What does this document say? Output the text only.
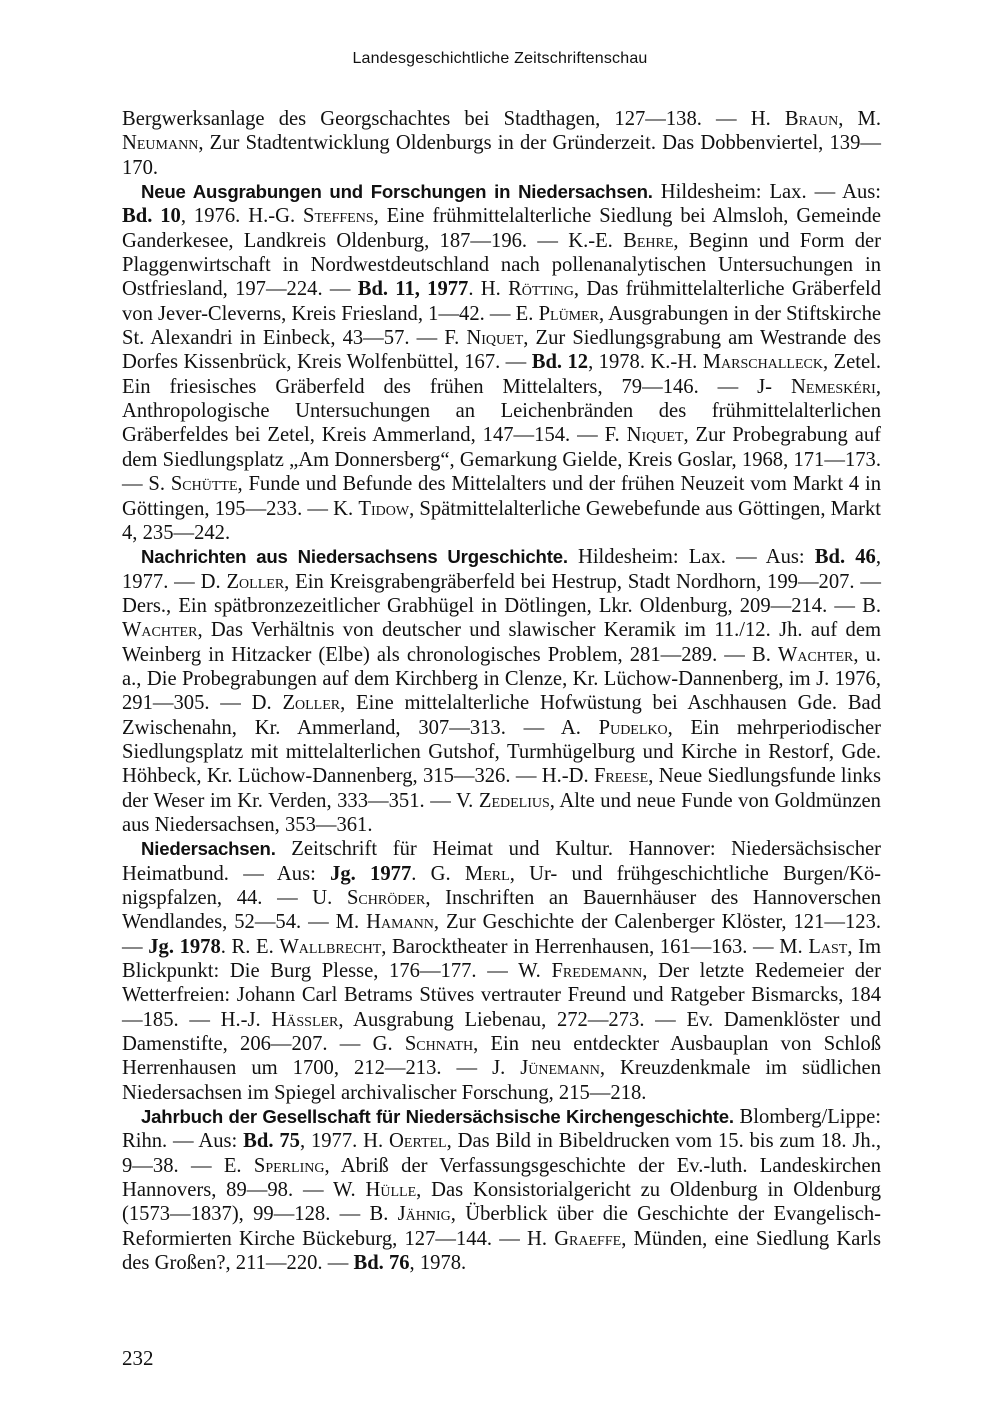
Landesgeschichtliche Zeitschriftenschau

Bergwerksanlage des Georgschachtes bei Stadthagen, 127—138. — H. Braun, M. Neumann, Zur Stadtentwicklung Oldenburgs in der Gründerzeit. Das Dobbenviertel, 139—170.

Neue Ausgrabungen und Forschungen in Niedersachsen. Hildesheim: Lax. — Aus: Bd. 10, 1976. H.-G. Steffens, Eine frühmittelalterliche Siedlung bei Almsloh, Gemeinde Ganderkesee, Landkreis Oldenburg, 187—196. — K.-E. Behre, Beginn und Form der Plaggenwirtschaft in Nordwestdeutschland nach pollenanalytischen Untersuchungen in Ostfriesland, 197—224. — Bd. 11, 1977. H. Rötting, Das frühmittelalterliche Gräberfeld von Jever-Cleverns, Kreis Friesland, 1—42. — E. Plümer, Ausgrabungen in der Stiftskirche St. Alexandri in Einbeck, 43—57. — F. Niquet, Zur Siedlungsgrabung am Westrande des Dorfes Kissenbrück, Kreis Wolfenbüttel, 167. — Bd. 12, 1978. K.-H. Marschalleck, Zetel. Ein friesisches Gräberfeld des frühen Mittelalters, 79—146. — J- Nemeskéri, Anthropologische Untersuchungen an Leichenbränden des frühmittelalterlichen Gräberfeldes bei Zetel, Kreis Ammerland, 147—154. — F. Niquet, Zur Probegrabung auf dem Siedlungsplatz „Am Donnersberg“, Gemarkung Gielde, Kreis Goslar, 1968, 171—173. — S. Schütte, Funde und Befunde des Mittelalters und der frühen Neuzeit vom Markt 4 in Göttingen, 195—233. — K. Tidow, Spätmittelalterliche Gewebefunde aus Göttingen, Markt 4, 235—242.

Nachrichten aus Niedersachsens Urgeschichte. Hildesheim: Lax. — Aus: Bd. 46, 1977. — D. Zoller, Ein Kreisgrabengräberfeld bei Hestrup, Stadt Nordhorn, 199—207. — Ders., Ein spätbronzezeitlicher Grabhügel in Dötlingen, Lkr. Oldenburg, 209—214. — B. Wachter, Das Verhältnis von deutscher und slawischer Keramik im 11./12. Jh. auf dem Weinberg in Hitzacker (Elbe) als chronologisches Problem, 281—289. — B. Wachter, u. a., Die Probegrabungen auf dem Kirchberg in Clenze, Kr. Lüchow-Dannenberg, im J. 1976, 291—305. — D. Zoller, Eine mittelalterliche Hofwüstung bei Aschhausen Gde. Bad Zwischenahn, Kr. Ammerland, 307—313. — A. Pudelko, Ein mehrperiodischer Siedlungsplatz mit mittelalterlichen Gutshof, Turmhügelburg und Kirche in Restorf, Gde. Höhbeck, Kr. Lüchow-Dannenberg, 315—326. — H.-D. Freese, Neue Siedlungsfunde links der Weser im Kr. Verden, 333—351. — V. Zedelius, Alte und neue Funde von Goldmünzen aus Niedersachsen, 353—361.

Niedersachsen. Zeitschrift für Heimat und Kultur. Hannover: Niedersächsischer Heimatbund. — Aus: Jg. 1977. G. Merl, Ur- und frühgeschichtliche Burgen/Königspfalzen, 44. — U. Schröder, Inschriften an Bauernhäuser des Hannoverschen Wendlandes, 52—54. — M. Hamann, Zur Geschichte der Calenberger Klöster, 121—123. — Jg. 1978. R. E. Wallbrecht, Barocktheater in Herrenhausen, 161—163. — M. Last, Im Blickpunkt: Die Burg Plesse, 176—177. — W. Fredemann, Der letzte Redemeier der Wetterfreien: Johann Carl Betrams Stüves vertrauter Freund und Ratgeber Bismarcks, 184—185. — H.-J. Hässler, Ausgrabung Liebenau, 272—273. — Ev. Damenklöster und Damenstifte, 206—207. — G. Schnath, Ein neu entdeckter Ausbauplan von Schloß Herrenhausen um 1700, 212—213. — J. Jünemann, Kreuzdenkmale im südlichen Niedersachsen im Spiegel archivalischer Forschung, 215—218.

Jahrbuch der Gesellschaft für Niedersächsische Kirchengeschichte. Blomberg/Lippe: Rihn. — Aus: Bd. 75, 1977. H. Oertel, Das Bild in Bibeldrucken vom 15. bis zum 18. Jh., 9—38. — E. Sperling, Abriß der Verfassungsgeschichte der Ev.-luth. Landeskirchen Hannovers, 89—98. — W. Hülle, Das Konsistorialgericht zu Oldenburg in Oldenburg (1573—1837), 99—128. — B. Jähnig, Überblick über die Geschichte der Evangelisch-Reformierten Kirche Bückeburg, 127—144. — H. Graeffe, Münden, eine Siedlung Karls des Großen?, 211—220. — Bd. 76, 1978.

232
